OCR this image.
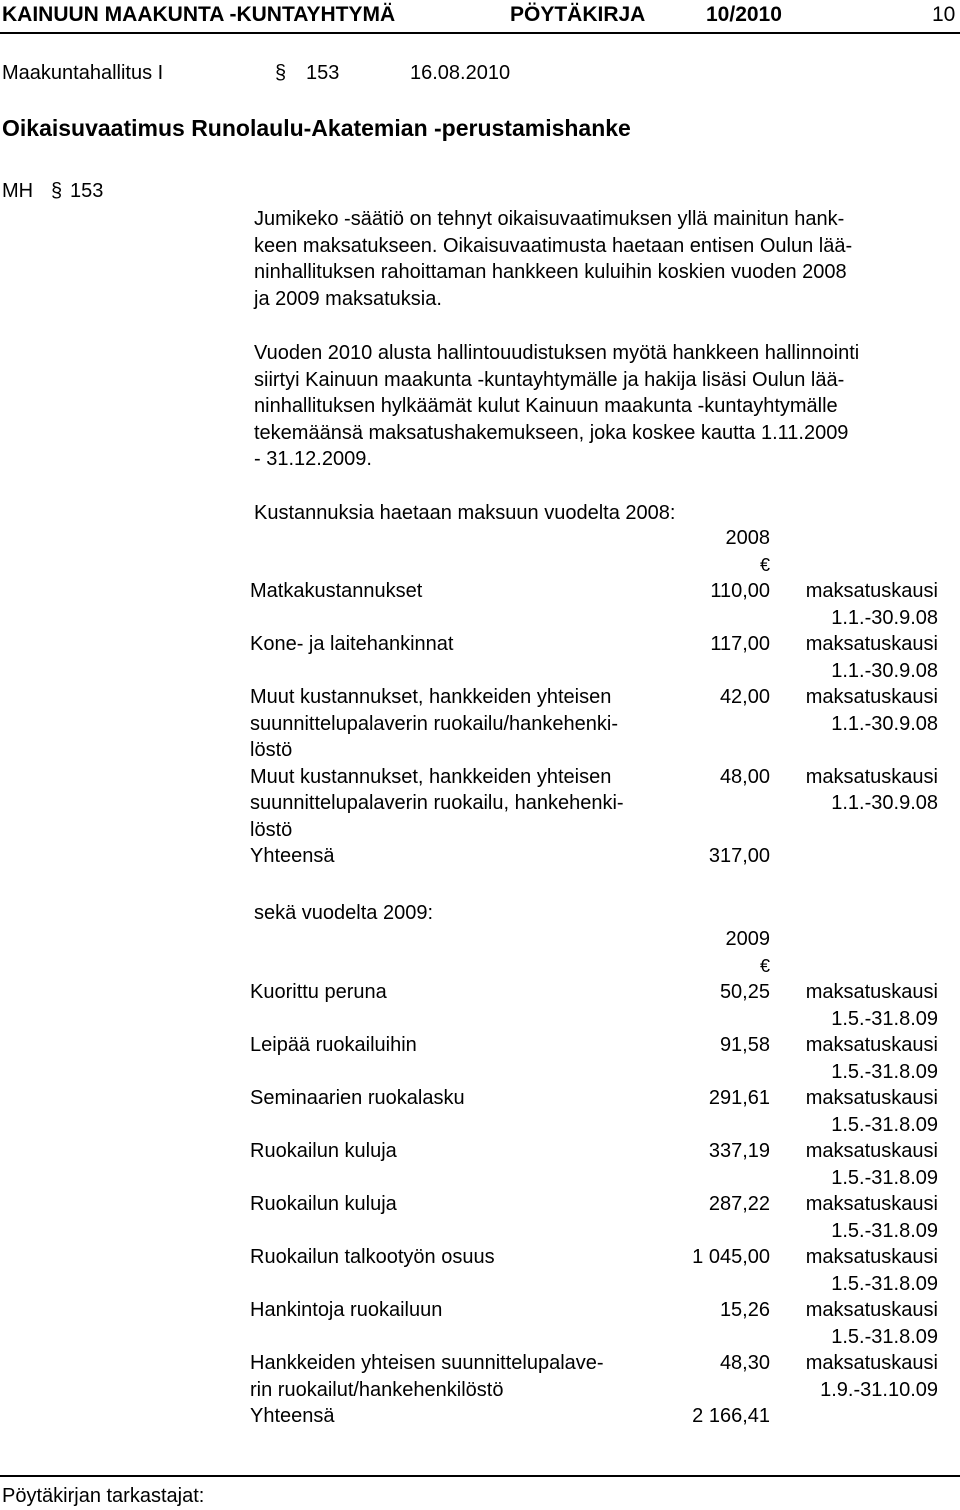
KAINUUN MAAKUNTA -KUNTAYHTYMÄ	PÖYTÄKIRJA	10/2010	10
Maakuntahallitus I	§ 153	16.08.2010
Oikaisuvaatimus Runolaulu-Akatemian -perustamishanke
MH § 153
Jumikeko -säätiö on tehnyt oikaisuvaatimuksen yllä mainitun hank-
keen maksatukseen. Oikaisuvaatimusta haetaan entisen Oulun lää-
ninhallituksen rahoittaman hankkeen kuluihin koskien vuoden 2008
ja 2009 maksatuksia.
Vuoden 2010 alusta hallintouudistuksen myötä hankkeen hallinnointi
siirtyi Kainuun maakunta -kuntayhtymälle ja hakija lisäsi Oulun lää-
ninhallituksen hylkäämät kulut Kainuun maakunta -kuntayhtymälle
tekemäänsä maksatushakemukseen, joka koskee kautta 1.11.2009
- 31.12.2009.
Kustannuksia haetaan maksuun vuodelta 2008:
2008
€
Matkakustannukset	110,00	maksatuskausi
1.1.-30.9.08
Kone- ja laitehankinnat	117,00	maksatuskausi
1.1.-30.9.08
Muut kustannukset, hankkeiden yhteisen
suunnittelupalaverin ruokailu/hankehenki-
löstö
42,00	maksatuskausi
1.1.-30.9.08
Muut kustannukset, hankkeiden yhteisen
suunnittelupalaverin ruokailu, hankehenki-
löstö
48,00	maksatuskausi
1.1.-30.9.08
Yhteensä	317,00
sekä vuodelta 2009:
2009
€
Kuorittu peruna	50,25	maksatuskausi
1.5.-31.8.09
Leipää ruokailuihin	91,58	maksatuskausi
1.5.-31.8.09
Seminaarien ruokalasku	291,61	maksatuskausi
1.5.-31.8.09
Ruokailun kuluja	337,19	maksatuskausi
1.5.-31.8.09
Ruokailun kuluja	287,22	maksatuskausi
1.5.-31.8.09
Ruokailun talkootyön osuus	1 045,00	maksatuskausi
1.5.-31.8.09
Hankintoja ruokailuun	15,26	maksatuskausi
1.5.-31.8.09
Hankkeiden yhteisen suunnittelupalave-
rin ruokailut/hankehenkilöstö
48,30	maksatuskausi
1.9.-31.10.09
Yhteensä	2 166,41
Pöytäkirjan tarkastajat:
